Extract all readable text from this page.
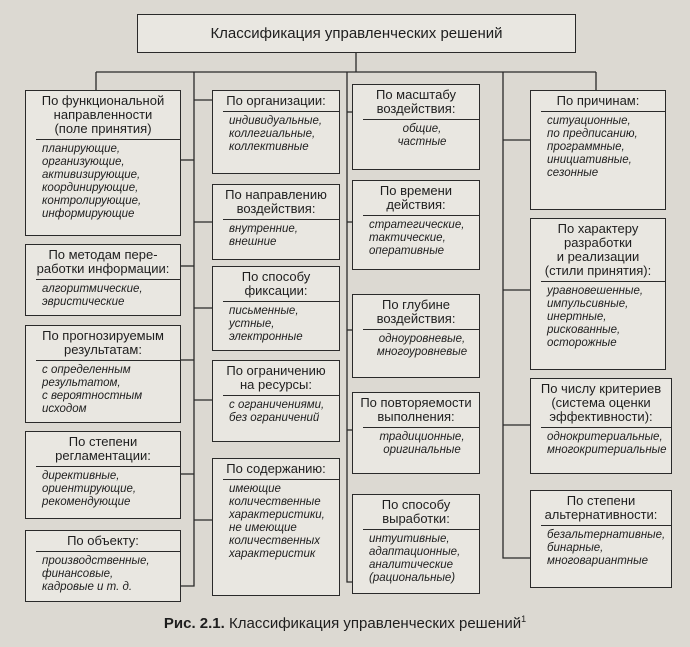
Классификация управленческих решений
По функциональной
направленности
(поле принятия)
планирующие,
организующие,
активизирующие,
координирующие,
контролирующие,
информирующие
По методам пере-
работки информации:
алгоритмические,
эвристические
По прогнозируемым
результатам:
с определенным
результатом,
с вероятностным
исходом
По степени
регламентации:
директивные,
ориентирующие,
рекомендующие
По объекту:
производственные,
финансовые,
кадровые и т. д.
По организации:
индивидуальные,
коллегиальные,
коллективные
По направлению
воздействия:
внутренние,
внешние
По способу
фиксации:
письменные,
устные,
электронные
По ограничению
на ресурсы:
с ограничениями,
без ограничений
По содержанию:
имеющие
количественные
характеристики,
не имеющие
количественных
характеристик
По масштабу
воздействия:
общие,
частные
По времени
действия:
стратегические,
тактические,
оперативные
По глубине
воздействия:
одноуровневые,
многоуровневые
По повторяемости
выполнения:
традиционные,
оригинальные
По способу
выработки:
интуитивные,
адаптационные,
аналитические
(рациональные)
По причинам:
ситуационные,
по предписанию,
программные,
инициативные,
сезонные
По характеру
разработки
и реализации
(стили принятия):
уравновешенные,
импульсивные,
инертные,
рискованные,
осторожные
По числу критериев
(система оценки
эффективности):
однокритериальные,
многокритериальные
По степени
альтернативности:
безальтернативные,
бинарные,
многовариантные
Рис. 2.1. Классификация управленческих решений$^1$
